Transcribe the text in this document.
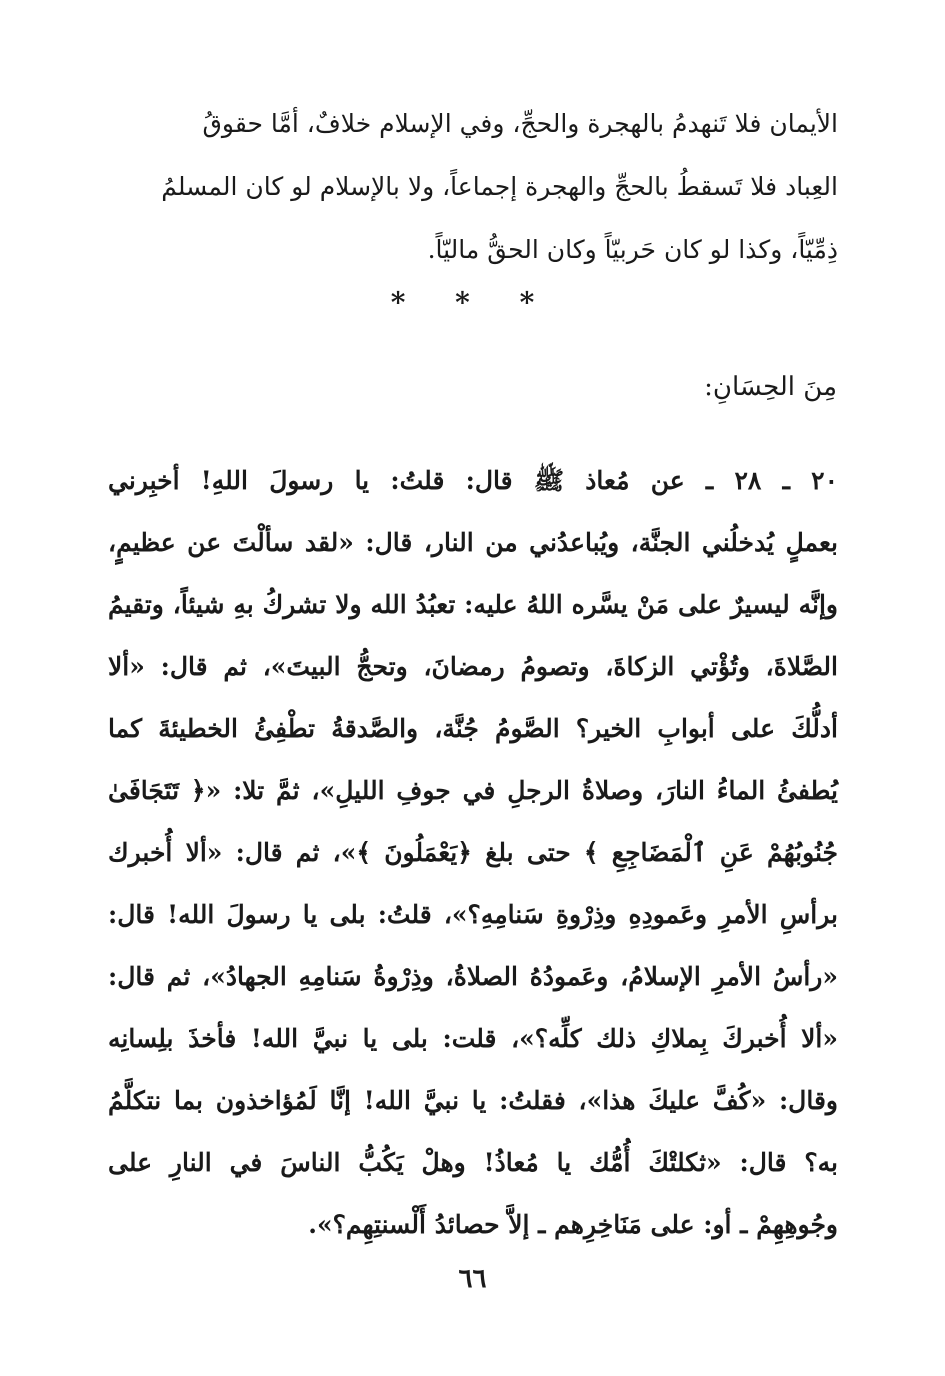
الأيمان فلا تَنهدمُ بالهجرة والحجِّ، وفي الإسلام خلافٌ، أمَّا حقوقُ
العِباد فلا تَسقطُ بالحجِّ والهجرة إجماعاً، ولا بالإسلام لو كان المسلمُ
ذِمِّيّاً، وكذا لو كان حَربيّاً وكان الحقُّ ماليّاً.
* * *
مِنَ الحِسَانِ:
٢٠ ـ ٢٨ ـ عن مُعاذ ﷺ قال: قلتُ: يا رسولَ اللهِ! أخبِرني
بعملٍ يُدخلُني الجنَّة، ويُباعدُني من النار، قال: «لقد سألْتَ عن عظيمٍ،
وإنَّه ليسيرٌ على مَنْ يسَّره اللهُ عليه: تعبُدُ الله ولا تشركُ بهِ شيئاً، وتقيمُ
الصَّلاةَ، وتُؤْتي الزكاةَ، وتصومُ رمضانَ، وتحجُّ البيتَ»، ثم قال: «ألا
أدلُّكَ على أبوابِ الخير؟ الصَّومُ جُنَّة، والصَّدقةُ تطْفِئُ الخطيئةَ كما
يُطفئُ الماءُ النارَ، وصلاةُ الرجلِ في جوفِ الليلِ»، ثمَّ تلا: «﴿ تَتَجَافَىٰ
جُنُوبُهُمْ عَنِ ٱلْمَضَاجِعِ ﴾ حتى بلغ ﴿يَعْمَلُونَ ﴾»، ثم قال: «ألا أُخبرك
برأسِ الأمرِ وعَمودِهِ وذِرْوةِ سَنامِهِ؟»، قلتُ: بلى يا رسولَ الله! قال:
«رأسُ الأمرِ الإسلامُ، وعَمودُهُ الصلاةُ، وذِرْوةُ سَنامِهِ الجهادُ»، ثم قال:
«ألا أُخبركَ بِملاكِ ذلك كلِّه؟»، قلت: بلى يا نبيَّ الله! فأخذَ بلِسانِه
وقال: «كُفَّ عليكَ هذا»، فقلتُ: يا نبيَّ الله! إنَّا لَمُؤاخذون بما نتكلَّمُ
به؟ قال: «ثكلتْكَ أُمُّك يا مُعاذُ! وهلْ يَكُبُّ الناسَ في النارِ على
وجُوهِهِمْ ـ أو: على مَنَاخِرِهم ـ إلاَّ حصائدُ أَلْسنتِهِم؟».
٦٦
